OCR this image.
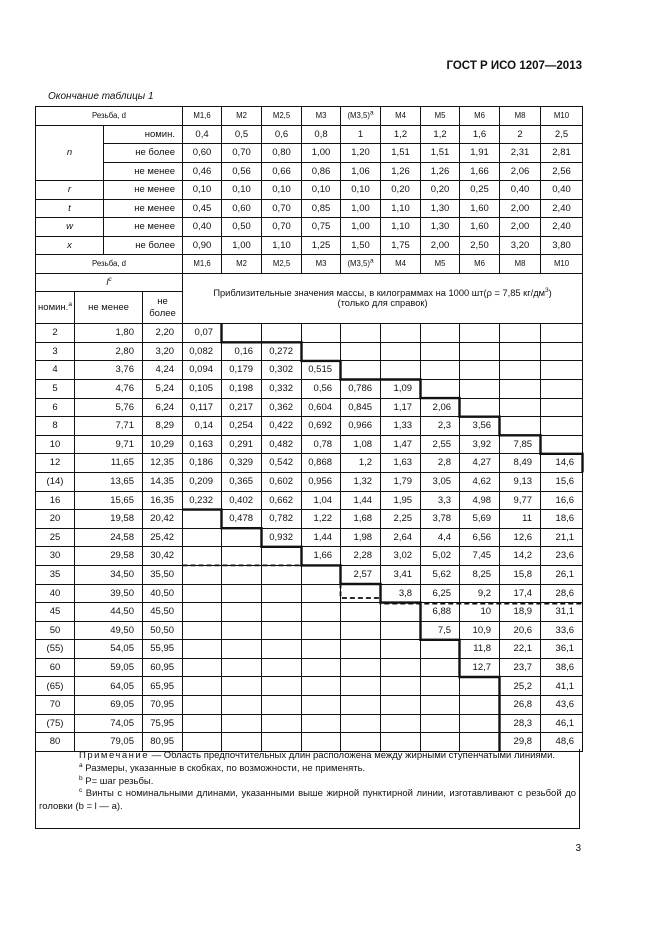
ГОСТ Р ИСО 1207—2013
Окончание таблицы 1
Резьба, d		M1,6	M2	M2,5	M3	$(M3,5)^a$	M4	M5	M6	M8	M10
n	номин.	0,4	0,5	0,6	0,8	1	1,2	1,2	1,6	2	2,5
	не более	0,60	0,70	0,80	1,00	1,20	1,51	1,51	1,91	2,31	2,81
	не менее	0,46	0,56	0,66	0,86	1,06	1,26	1,26	1,66	2,06	2,56
r	не менее	0,10	0,10	0,10	0,10	0,10	0,20	0,20	0,25	0,40	0,40
t	не менее	0,45	0,60	0,70	0,85	1,00	1,10	1,30	1,60	2,00	2,40
w	не менее	0,40	0,50	0,70	0,75	1,00	1,10	1,30	1,60	2,00	2,40
x	не более	0,90	1,00	1,10	1,25	1,50	1,75	2,00	2,50	3,20	3,80
Резьба, d			M1,6	M2	M2,5	M3	$(M3,5)^a$	M4	M5	M6	M8	M10
$l^c$			Приблизительные значения массы, в килограммах на 1000 шт(ρ = 7,85 $кг/дм^3$)
(только для справок)									
номин.$^a$	не менее	не более										
2	1,80	2,20	0,07									
3	2,80	3,20	0,082	0,16	0,272							
4	3,76	4,24	0,094	0,179	0,302	0,515						
5	4,76	5,24	0,105	0,198	0,332	0,56	0,786	1,09				
6	5,76	6,24	0,117	0,217	0,362	0,604	0,845	1,17	2,06			
8	7,71	8,29	0,14	0,254	0,422	0,692	0,966	1,33	2,3	3,56		
10	9,71	10,29	0,163	0,291	0,482	0,78	1,08	1,47	2,55	3,92	7,85	
12	11,65	12,35	0,186	0,329	0,542	0,868	1,2	1,63	2,8	4,27	8,49	14,6
(14)	13,65	14,35	0,209	0,365	0,602	0,956	1,32	1,79	3,05	4,62	9,13	15,6
16	15,65	16,35	0,232	0,402	0,662	1,04	1,44	1,95	3,3	4,98	9,77	16,6
20	19,58	20,42		0,478	0,782	1,22	1,68	2,25	3,78	5,69	11	18,6
25	24,58	25,42			0,932	1,44	1,98	2,64	4,4	6,56	12,6	21,1
30	29,58	30,42				1,66	2,28	3,02	5,02	7,45	14,2	23,6
35	34,50	35,50					2,57	3,41	5,62	8,25	15,8	26,1
40	39,50	40,50						3,8	6,25	9,2	17,4	28,6
45	44,50	45,50							6,88	10	18,9	31,1
50	49,50	50,50							7,5	10,9	20,6	33,6
(55)	54,05	55,95								11,8	22,1	36,1
60	59,05	60,95								12,7	23,7	38,6
(65)	64,05	65,95									25,2	41,1
70	69,05	70,95									26,8	43,6
(75)	74,05	75,95									28,3	46,1
80	79,05	80,95									29,8	48,6

Примечание — Область предпочтительных длин расположена между жирными ступенчатыми линиями.

$^a$ Размеры, указанные в скобках, по возможности, не применять.

$^b$ P= шаг резьбы.

$^c$ Винты с номинальными длинами, указанными выше жирной пунктирной линии, изготавливают с резьбой до головки (b = l — a).

3
